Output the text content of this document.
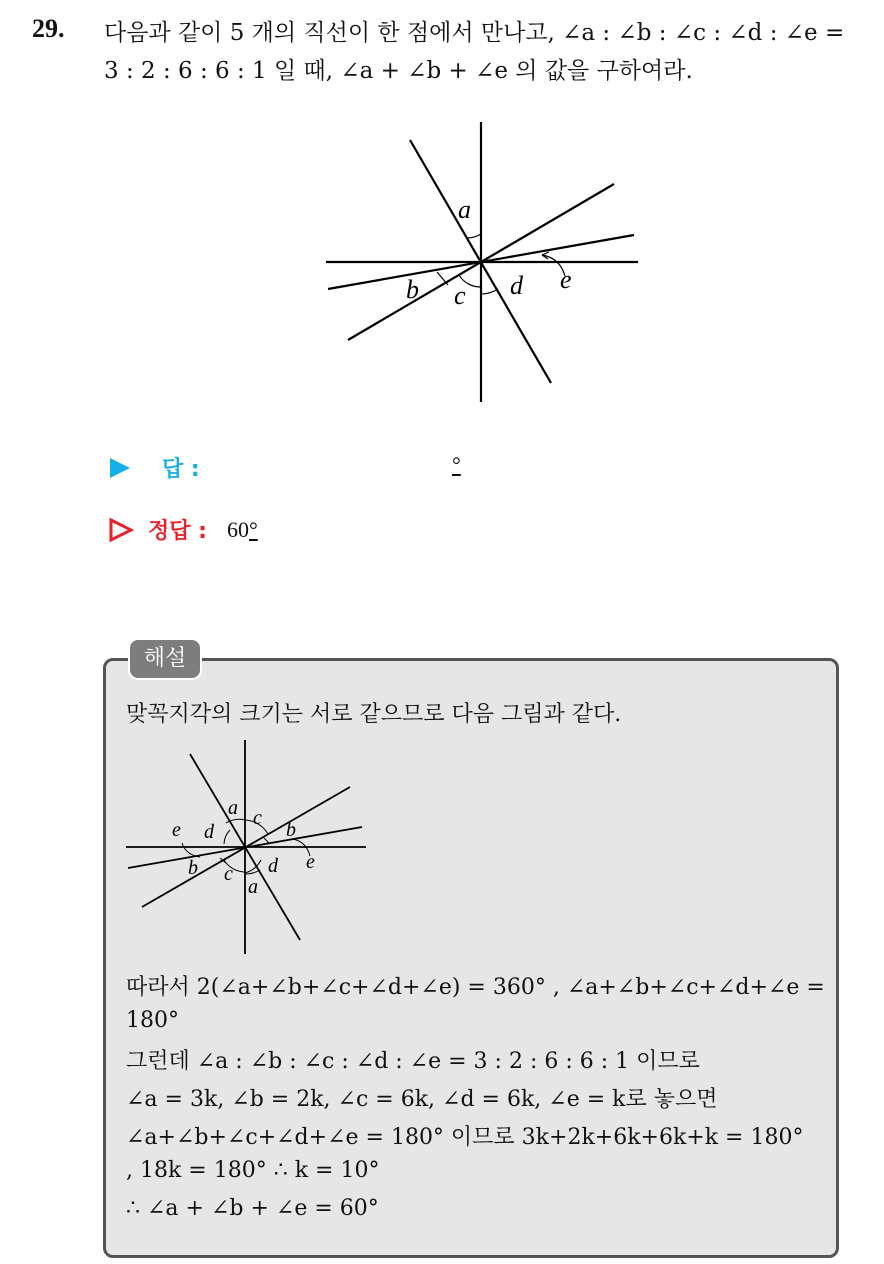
29. 다음과 같이 5 개의 직선이 한 점에서 만나고, ∠a : ∠b : ∠c : ∠d : ∠e =
3 : 2 : 6 : 6 : 1 일 때, ∠a + ∠b + ∠e 의 값을 구하여라.
a
b c d e
답 :	°
정답 : 60°
해설
맞꼭지각의 크기는 서로 같으므로 다음 그림과 같다.
a c
e d	b
b c d e
a
따라서 2(∠a+∠b+∠c+∠d+∠e) = 360° , ∠a+∠b+∠c+∠d+∠e =
180°
그런데 ∠a : ∠b : ∠c : ∠d : ∠e = 3 : 2 : 6 : 6 : 1 이므로
∠a = 3k, ∠b = 2k, ∠c = 6k, ∠d = 6k, ∠e = k로 놓으면
∠a+∠b+∠c+∠d+∠e = 180° 이므로 3k+2k+6k+6k+k = 180°
, 18k = 180° ∴ k = 10°
∴ ∠a + ∠b + ∠e = 60°
